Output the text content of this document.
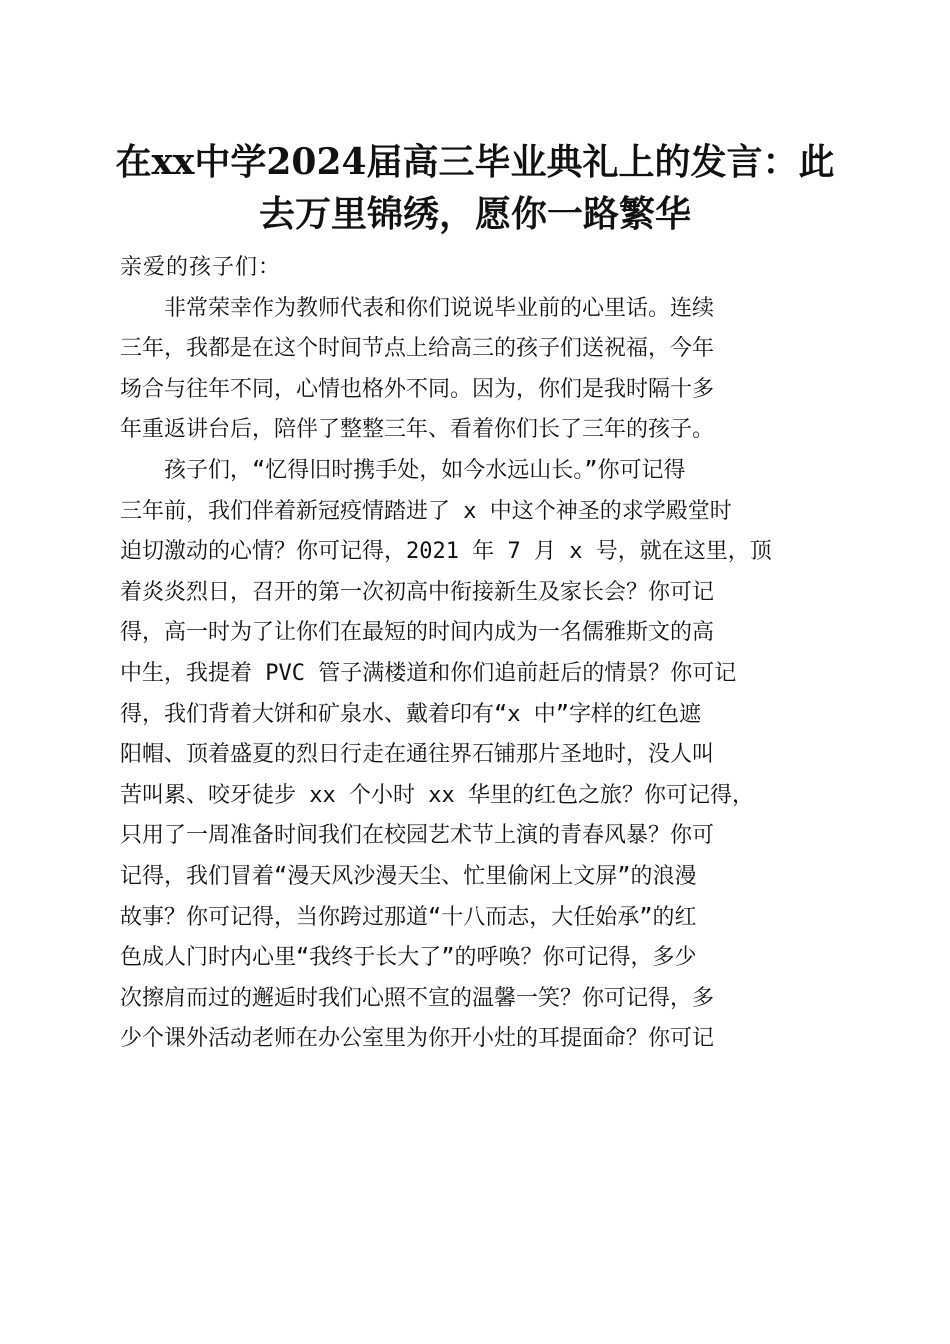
在xx中学2024届高三毕业典礼上的发言：此
去万里锦绣，愿你一路繁华
亲爱的孩子们：
　　非常荣幸作为教师代表和你们说说毕业前的心里话。连续
三年，我都是在这个时间节点上给高三的孩子们送祝福，今年
场合与往年不同，心情也格外不同。因为，你们是我时隔十多
年重返讲台后，陪伴了整整三年、看着你们长了三年的孩子。
　　孩子们，“忆得旧时携手处，如今水远山长。”你可记得
三年前，我们伴着新冠疫情踏进了 x 中这个神圣的求学殿堂时
迫切激动的心情？你可记得，2021 年 7 月 x 号，就在这里，顶
着炎炎烈日，召开的第一次初高中衔接新生及家长会？你可记
得，高一时为了让你们在最短的时间内成为一名儒雅斯文的高
中生，我提着 PVC 管子满楼道和你们追前赶后的情景？你可记
得，我们背着大饼和矿泉水、戴着印有“x 中”字样的红色遮
阳帽、顶着盛夏的烈日行走在通往界石铺那片圣地时，没人叫
苦叫累、咬牙徒步 xx 个小时 xx 华里的红色之旅？你可记得，
只用了一周准备时间我们在校园艺术节上演的青春风暴？你可
记得，我们冒着“漫天风沙漫天尘、忙里偷闲上文屏”的浪漫
故事？你可记得，当你跨过那道“十八而志，大任始承”的红
色成人门时内心里“我终于长大了”的呼唤？你可记得，多少
次擦肩而过的邂逅时我们心照不宣的温馨一笑？你可记得，多
少个课外活动老师在办公室里为你开小灶的耳提面命？你可记
